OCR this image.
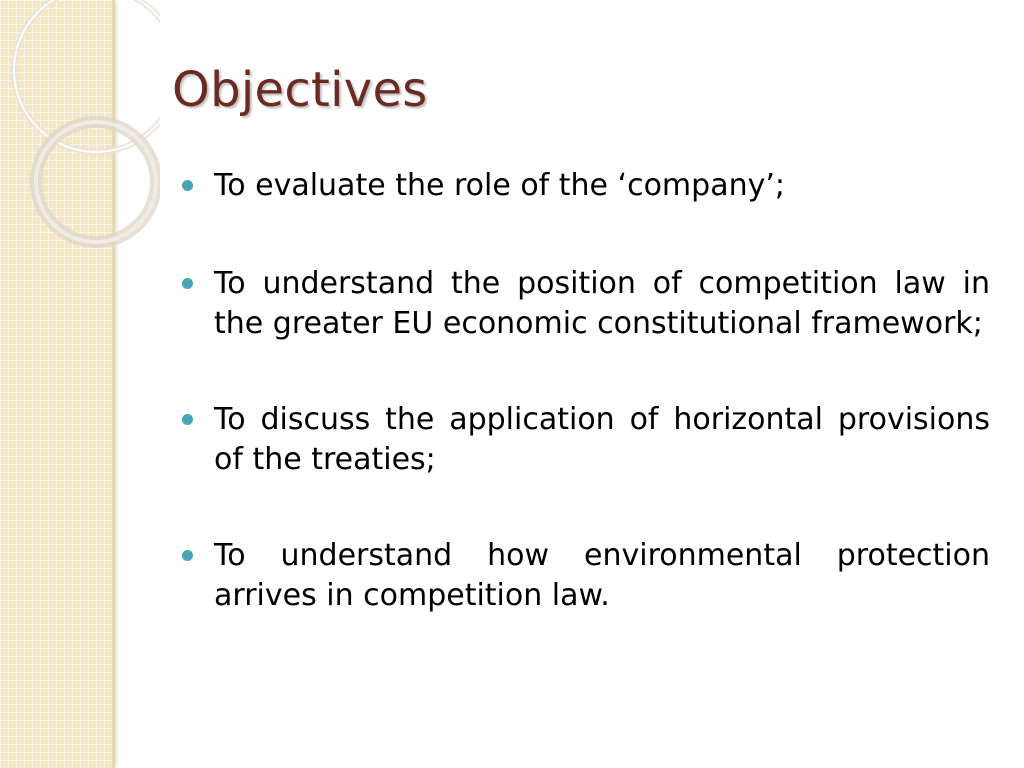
Objectives
To evaluate the role of the ‘company’;
To understand the position of competition law in the greater EU economic constitutional framework;
To discuss the application of horizontal provisions of the treaties;
To understand how environmental protection arrives in competition law.
